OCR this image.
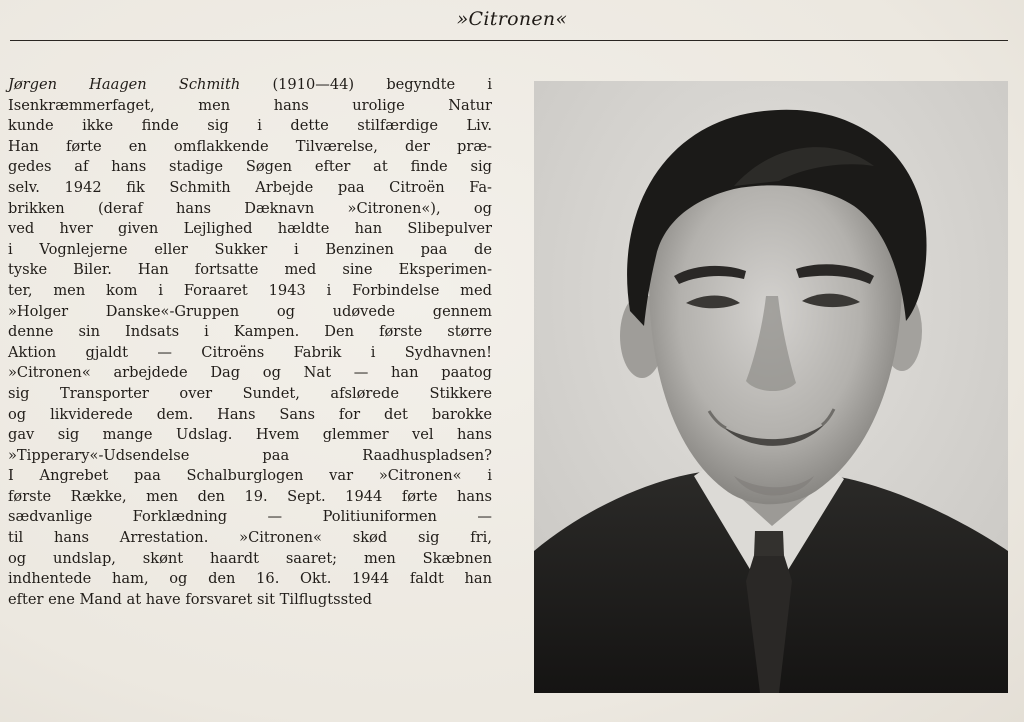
»Citronen«
Jørgen Haagen Schmith (1910—44) begyndte i
Isenkræmmerfaget, men hans urolige Natur
kunde ikke finde sig i dette stilfærdige Liv.
Han førte en omflakkende Tilværelse, der præ-
gedes af hans stadige Søgen efter at finde sig
selv. 1942 fik Schmith Arbejde paa Citroën Fa-
brikken (deraf hans Dæknavn »Citronen«), og
ved hver given Lejlighed hældte han Slibepulver
i Vognlejerne eller Sukker i Benzinen paa de
tyske Biler. Han fortsatte med sine Eksperimen-
ter, men kom i Foraaret 1943 i Forbindelse med
»Holger Danske«-Gruppen og udøvede gennem
denne sin Indsats i Kampen. Den første større
Aktion gjaldt — Citroëns Fabrik i Sydhavnen!
»Citronen« arbejdede Dag og Nat — han paatog
sig Transporter over Sundet, afslørede Stikkere
og likviderede dem. Hans Sans for det barokke
gav sig mange Udslag. Hvem glemmer vel hans
»Tipperary«-Udsendelse paa Raadhuspladsen?
I Angrebet paa Schalburglogen var »Citronen« i
første Række, men den 19. Sept. 1944 førte hans
sædvanlige Forklædning — Politiuniformen —
til hans Arrestation. »Citronen« skød sig fri,
og undslap, skønt haardt saaret; men Skæbnen
indhentede ham, og den 16. Okt. 1944 faldt han
efter ene Mand at have forsvaret sit Tilflugtssted
